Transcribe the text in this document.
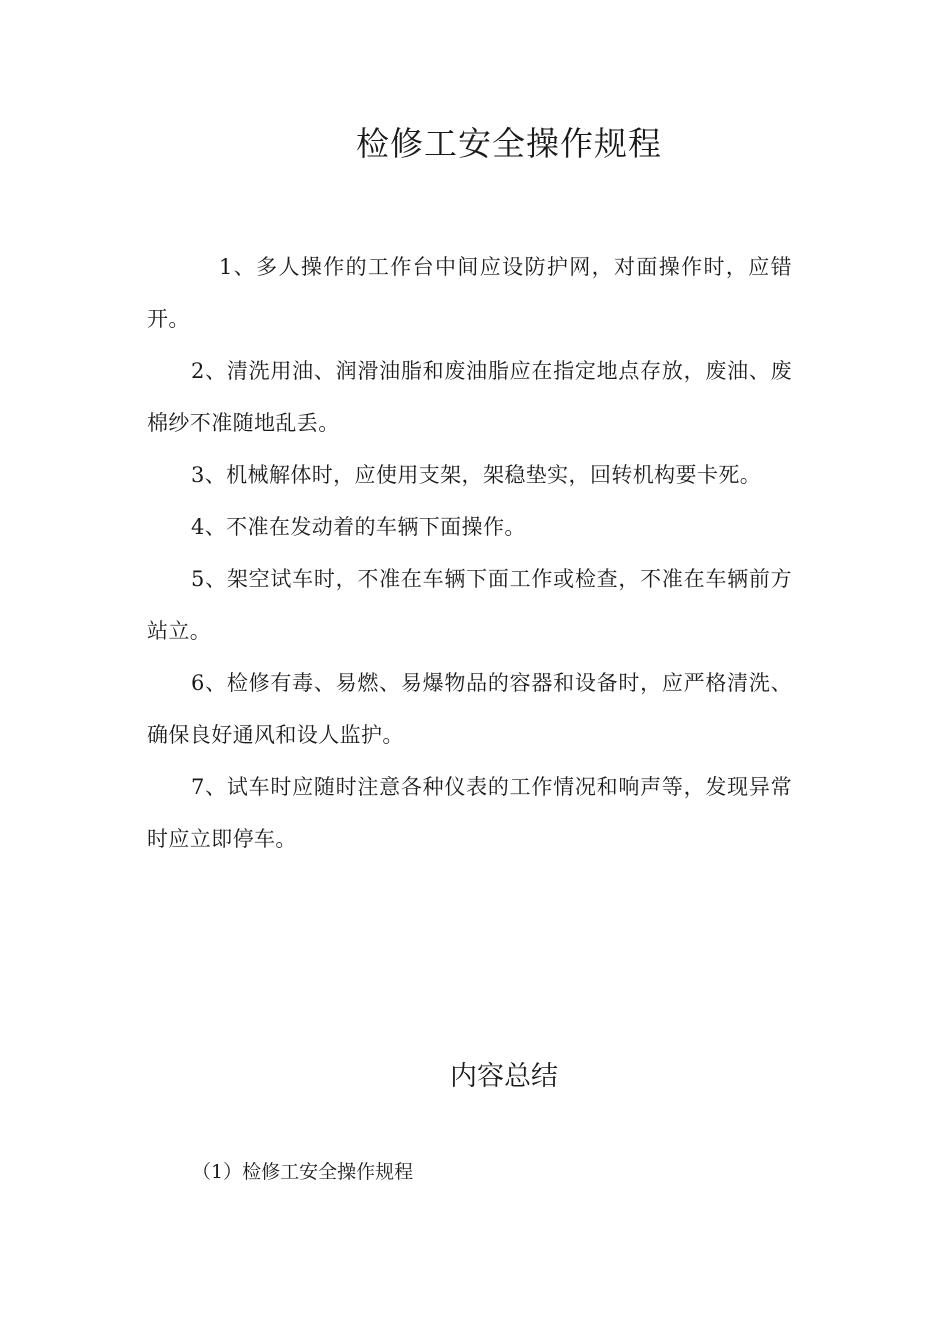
检修工安全操作规程

1、多人操作的工作台中间应设防护网，对面操作时，应错开。

2、清洗用油、润滑油脂和废油脂应在指定地点存放，废油、废棉纱不准随地乱丢。

3、机械解体时，应使用支架，架稳垫实，回转机构要卡死。

4、不准在发动着的车辆下面操作。

5、架空试车时，不准在车辆下面工作或检查，不准在车辆前方站立。

6、检修有毒、易燃、易爆物品的容器和设备时，应严格清洗、确保良好通风和设人监护。

7、试车时应随时注意各种仪表的工作情况和响声等，发现异常时应立即停车。

内容总结

（1）检修工安全操作规程
